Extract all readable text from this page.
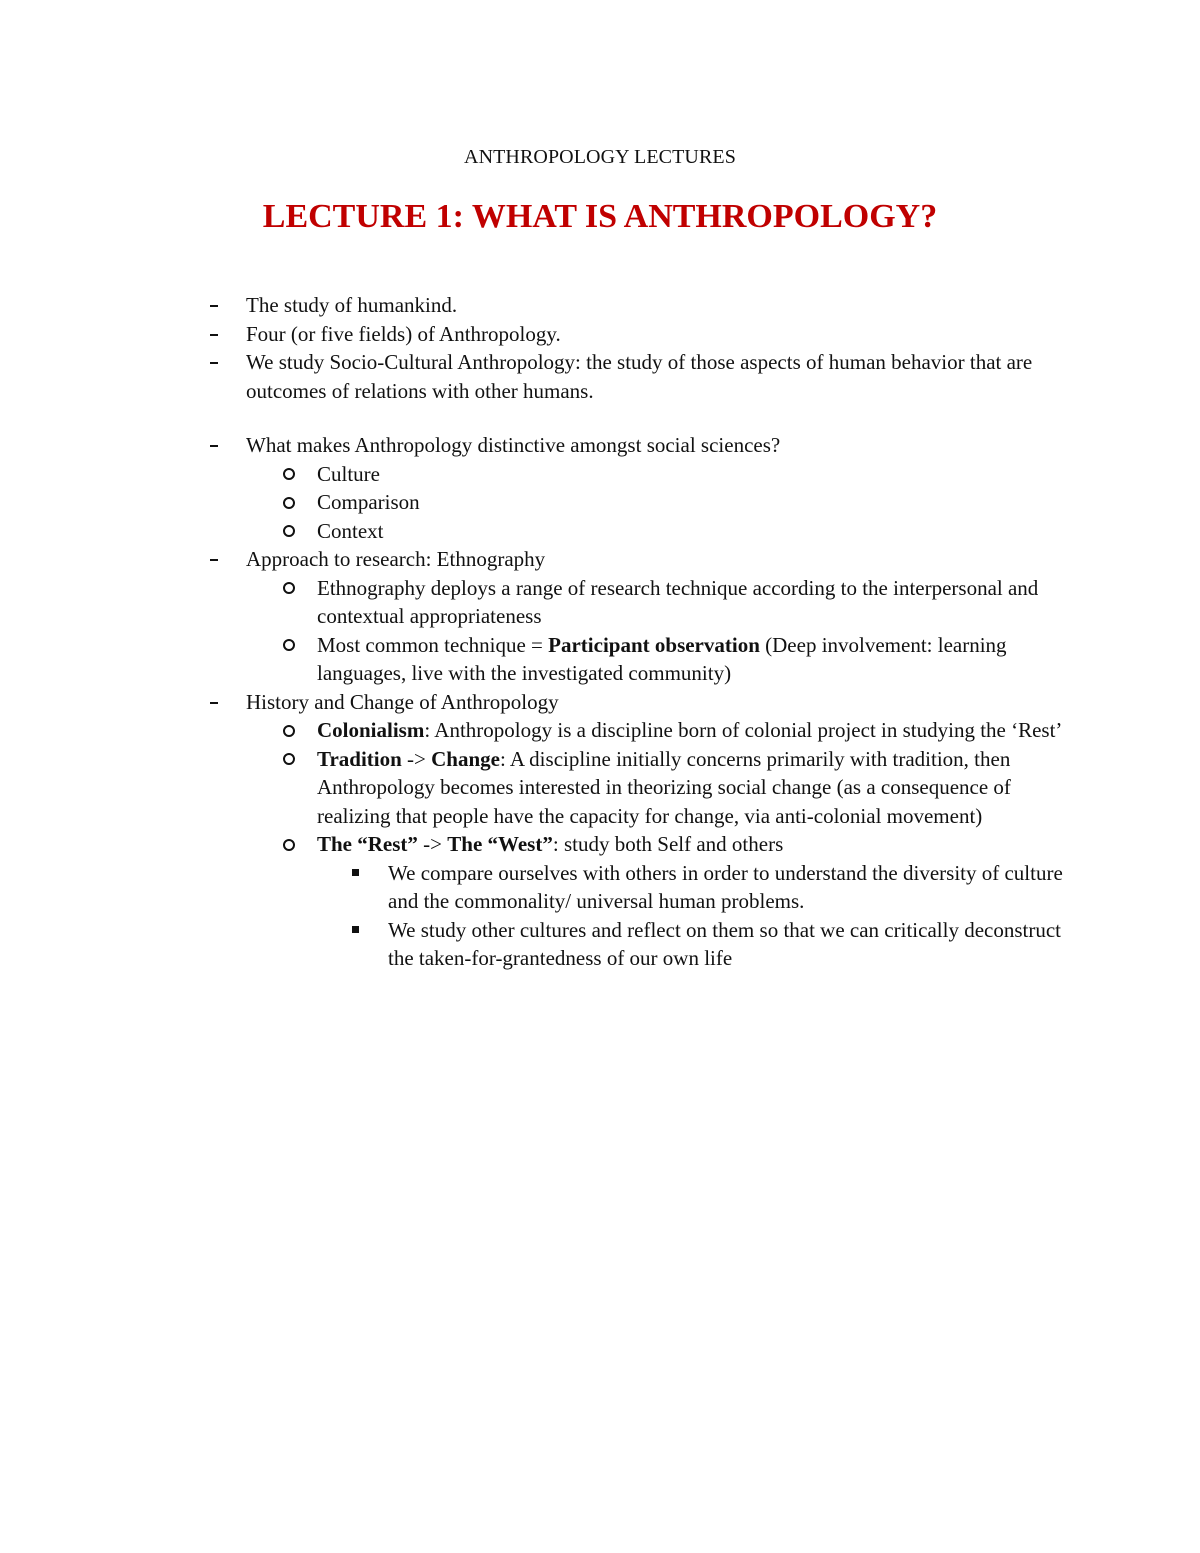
ANTHROPOLOGY LECTURES
LECTURE 1: WHAT IS ANTHROPOLOGY?
The study of humankind.
Four (or five fields) of Anthropology.
We study Socio-Cultural Anthropology: the study of those aspects of human behavior that are outcomes of relations with other humans.
What makes Anthropology distinctive amongst social sciences?
Culture
Comparison
Context
Approach to research: Ethnography
Ethnography deploys a range of research technique according to the interpersonal and contextual appropriateness
Most common technique = Participant observation (Deep involvement: learning languages, live with the investigated community)
History and Change of Anthropology
Colonialism: Anthropology is a discipline born of colonial project in studying the ‘Rest’
Tradition -> Change: A discipline initially concerns primarily with tradition, then Anthropology becomes interested in theorizing social change (as a consequence of realizing that people have the capacity for change, via anti-colonial movement)
The “Rest” -> The “West”: study both Self and others
We compare ourselves with others in order to understand the diversity of culture and the commonality/ universal human problems.
We study other cultures and reflect on them so that we can critically deconstruct the taken-for-grantedness of our own life
